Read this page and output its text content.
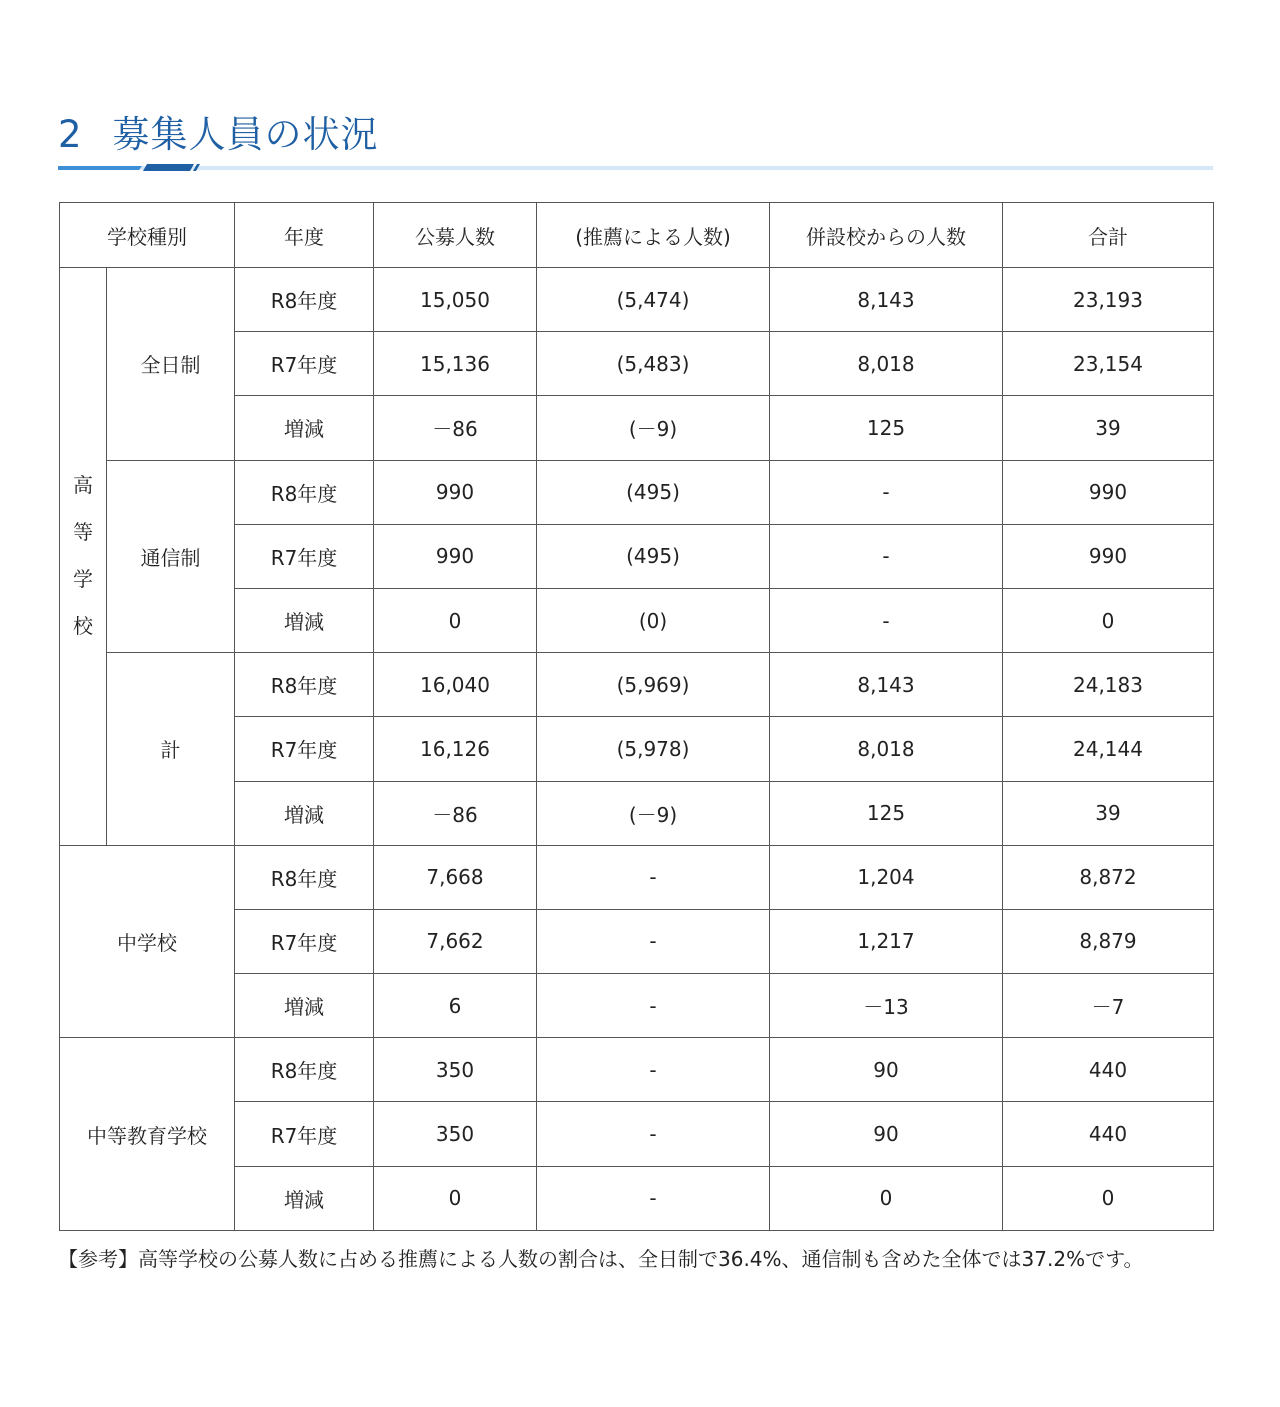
2 募集人員の状況
学校種別		年度	公募人数	(推薦による人数)	併設校からの人数	合計
高等学校	全日制	R8年度	15,050	(5,474)	8,143	23,193
		R7年度	15,136	(5,483)	8,018	23,154
		増減	－86	(－9)	125	39
	通信制	R8年度	990	(495)	-	990
		R7年度	990	(495)	-	990
		増減	0	(0)	-	0
	計	R8年度	16,040	(5,969)	8,143	24,183
		R7年度	16,126	(5,978)	8,018	24,144
		増減	－86	(－9)	125	39
中学校		R8年度	7,668	-	1,204	8,872
		R7年度	7,662	-	1,217	8,879
		増減	6	-	－13	－7
中等教育学校		R8年度	350	-	90	440
		R7年度	350	-	90	440
		増減	0	-	0	0

【参考】高等学校の公募人数に占める推薦による人数の割合は、全日制で36.4%、通信制も含めた全体では37.2%です。
